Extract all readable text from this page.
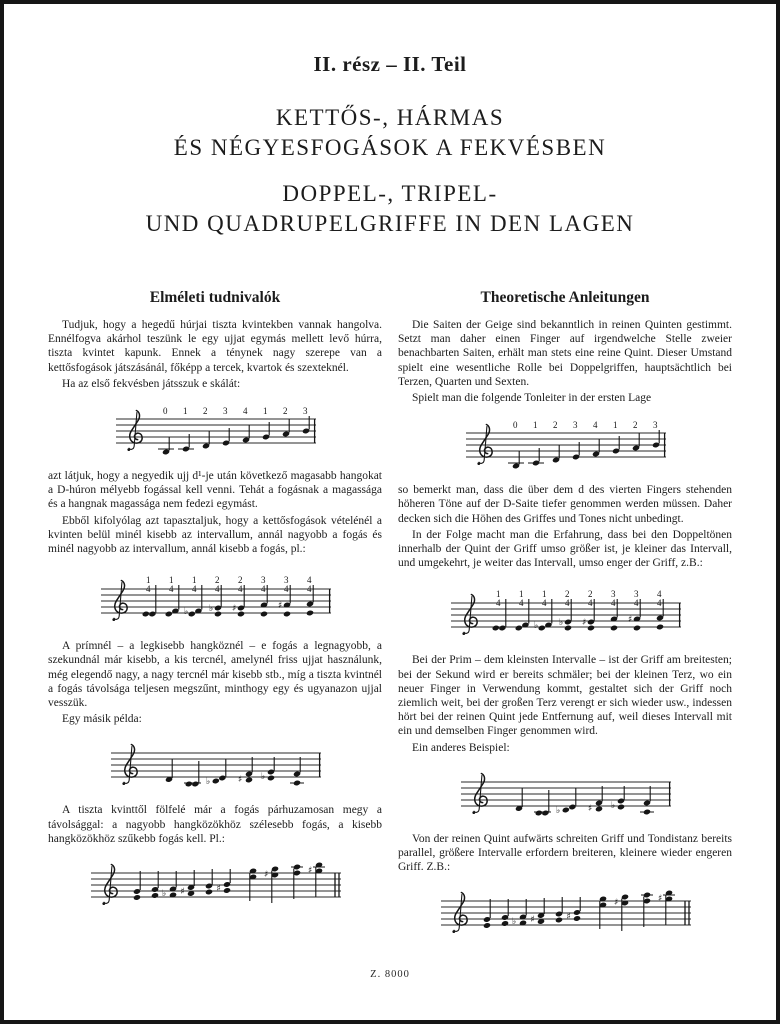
II. rész – II. Teil
KETTŐS-, HÁRMAS
ÉS NÉGYESFOGÁSOK A FEKVÉSBEN
DOPPEL-, TRIPEL-
UND QUADRUPELGRIFFE IN DEN LAGEN
Elméleti tudnivalók

Tudjuk, hogy a hegedű húrjai tiszta kvintekben vannak hangolva. Ennélfogva akárhol teszünk le egy ujjat egymás mellett levő húrra, tiszta kvintet kapunk. Ennek a ténynek nagy szerepe van a kettősfogások játszásánál, főképp a tercek, kvartok és szexteknél.

Ha az első fekvésben játsszuk e skálát:

0 1 2 3 4 1 2 3

azt látjuk, hogy a negyedik ujj d¹-je után következő magasabb hangokat a D-húron mélyebb fogással kell venni. Tehát a fogásnak a magassága és a hangnak magassága nem fedezi egymást.

Ebből kifolyólag azt tapasztaljuk, hogy a kettősfogások vételénél a kvinten belül minél kisebb az intervallum, annál nagyobb a fogás és minél nagyobb az intervallum, annál kisebb a fogás, pl.:

1 1 1 2 2 3 3 4
4 4 4 4 4 4 4 4

A prímnél – a legkisebb hangköznél – e fogás a legnagyobb, a szekundnál már kisebb, a kis tercnél, amelynél friss ujjat használunk, még elegendő nagy, a nagy tercnél már kisebb stb., míg a tiszta kvintnél a fogás távolsága teljesen megszűnt, minthogy egy és ugyanazon ujjal vesszük.

Egy másik példa:

A tiszta kvinttől fölfelé már a fogás párhuzamosan megy a távolsággal: a nagyobb hangközökhöz szélesebb fogás, a kisebb hangközökhöz szűkebb fogás kell. Pl.:

Theoretische Anleitungen

Die Saiten der Geige sind bekanntlich in reinen Quinten gestimmt. Setzt man daher einen Finger auf irgendwelche Stelle zweier benachbarten Saiten, erhält man stets eine reine Quint. Dieser Umstand spielt eine wesentliche Rolle bei Doppelgriffen, hauptsächtlich bei Terzen, Quarten und Sexten.

Spielt man die folgende Tonleiter in der ersten Lage

0 1 2 3 4 1 2 3

so bemerkt man, dass die über dem d des vierten Fingers stehenden höheren Töne auf der D-Saite tiefer genommen werden müssen. Daher decken sich die Höhen des Griffes und Tones nicht unbedingt.

In der Folge macht man die Erfahrung, dass bei den Doppeltönen innerhalb der Quint der Griff umso größer ist, je kleiner das Intervall, und umgekehrt, je weiter das Intervall, umso enger der Griff, z.B.:

1 1 1 2 2 3 3 4
4 4 4 4 4 4 4 4

Bei der Prim – dem kleinsten Intervalle – ist der Griff am breitesten; bei der Sekund wird er bereits schmäler; bei der kleinen Terz, wo ein neuer Finger in Verwendung kommt, gestaltet sich der Griff noch ziemlich weit, bei der großen Terz verengt er sich wieder usw., indessen hört bei der reinen Quint jede Entfernung auf, weil dieses Intervall mit ein und demselben Finger genommen wird.

Ein anderes Beispiel:

Von der reinen Quint aufwärts schreiten Griff und Tondistanz bereits parallel, größere Intervalle erfordern breiteren, kleinere wieder engeren Griff. Z.B.:

Z. 8000
